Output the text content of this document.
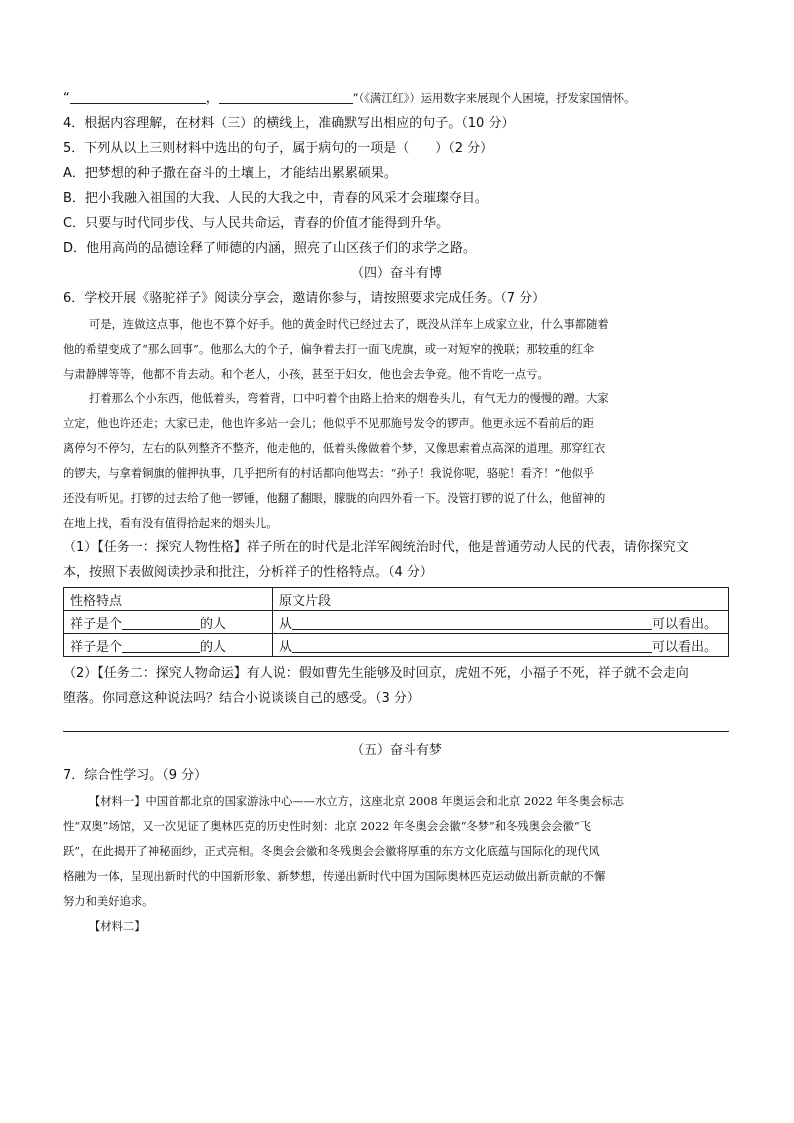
“	，	”（《满江红》）运用数字来展现个人困境，抒发家国情怀。
4．根据内容理解，在材料（三）的横线上，准确默写出相应的句子。（10 分）
5．下列从以上三则材料中选出的句子，属于病句的一项是（　　）（2 分）
A．把梦想的种子撒在奋斗的土壤上，才能结出累累硕果。
B．把小我融入祖国的大我、人民的大我之中，青春的风采才会璀璨夺目。
C．只要与时代同步伐、与人民共命运，青春的价值才能得到升华。
D．他用高尚的品德诠释了师德的内涵，照亮了山区孩子们的求学之路。
（四）奋斗有博
6．学校开展《骆驼祥子》阅读分享会，邀请你参与，请按照要求完成任务。（7 分）
可是，连做这点事，他也不算个好手。他的黄金时代已经过去了，既没从洋车上成家立业，什么事都随着
他的希望变成了“那么回事”。他那么大的个子，偏争着去打一面飞虎旗，或一对短窄的挽联；那较重的红伞
与肃静牌等等，他都不肯去动。和个老人，小孩，甚至于妇女，他也会去争竞。他不肯吃一点亏。
打着那么个小东西，他低着头，弯着背，口中叼着个由路上拾来的烟卷头儿，有气无力的慢慢的蹭。大家
立定，他也许还走；大家已走，他也许多站一会儿；他似乎不见那施号发令的锣声。他更永远不看前后的距
离停匀不停匀，左右的队列整齐不整齐，他走他的，低着头像做着个梦，又像思索着点高深的道理。那穿红衣
的锣夫，与拿着铜旗的催押执事，几乎把所有的村话都向他骂去：“孙子！我说你呢，骆驼！看齐！”他似乎
还没有听见。打锣的过去给了他一锣锤，他翻了翻眼，朦胧的向四外看一下。没管打锣的说了什么，他留神的
在地上找，看有没有值得拾起来的烟头儿。
（1）【任务一：探究人物性格】祥子所在的时代是北洋军阀统治时代，他是普通劳动人民的代表，请你探究文
本，按照下表做阅读抄录和批注，分析祥子的性格特点。（4 分）
性格特点	原文片段
祥子是个 的人	从 可以看出。
祥子是个 的人	从 可以看出。
（2）【任务二：探究人物命运】有人说：假如曹先生能够及时回京，虎妞不死，小福子不死，祥子就不会走向
堕落。你同意这种说法吗？结合小说谈谈自己的感受。（3 分）
（五）奋斗有梦
7．综合性学习。（9 分）
【材料一】中国首都北京的国家游泳中心——水立方，这座北京 2008 年奥运会和北京 2022 年冬奥会标志
性“双奥”场馆，又一次见证了奥林匹克的历史性时刻：北京 2022 年冬奥会会徽“冬梦”和冬残奥会会徽“飞
跃”，在此揭开了神秘面纱，正式亮相。冬奥会会徽和冬残奥会会徽将厚重的东方文化底蕴与国际化的现代风
格融为一体，呈现出新时代的中国新形象、新梦想，传递出新时代中国为国际奥林匹克运动做出新贡献的不懈
努力和美好追求。
【材料二】
